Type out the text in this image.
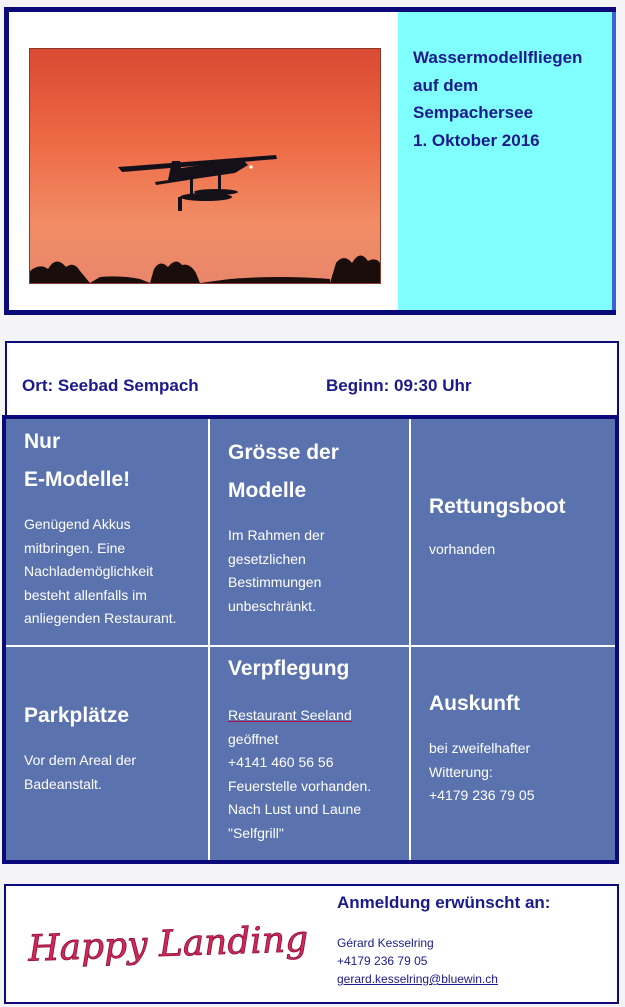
Wassermodellfliegen
auf dem
Sempachersee
1. Oktober 2016
Ort: Seebad Sempach	Beginn: 09:30 Uhr
Nur
E-Modelle!
Genügend Akkus
mitbringen. Eine
Nachlademöglichkeit
besteht allenfalls im
anliegenden Restaurant.
Grösse der
Modelle
Im Rahmen der
gesetzlichen
Bestimmungen
unbeschränkt.
Rettungsboot
vorhanden
Parkplätze
Vor dem Areal der
Badeanstalt.
Verpflegung
Restaurant Seeland
geöffnet
+4141 460 56 56
Feuerstelle vorhanden.
Nach Lust und Laune
"Selfgrill"
Auskunft
bei zweifelhafter
Witterung:
+4179 236 79 05
Happy Landing
Anmeldung erwünscht an:
Gérard Kesselring
+4179 236 79 05
gerard.kesselring@bluewin.ch
